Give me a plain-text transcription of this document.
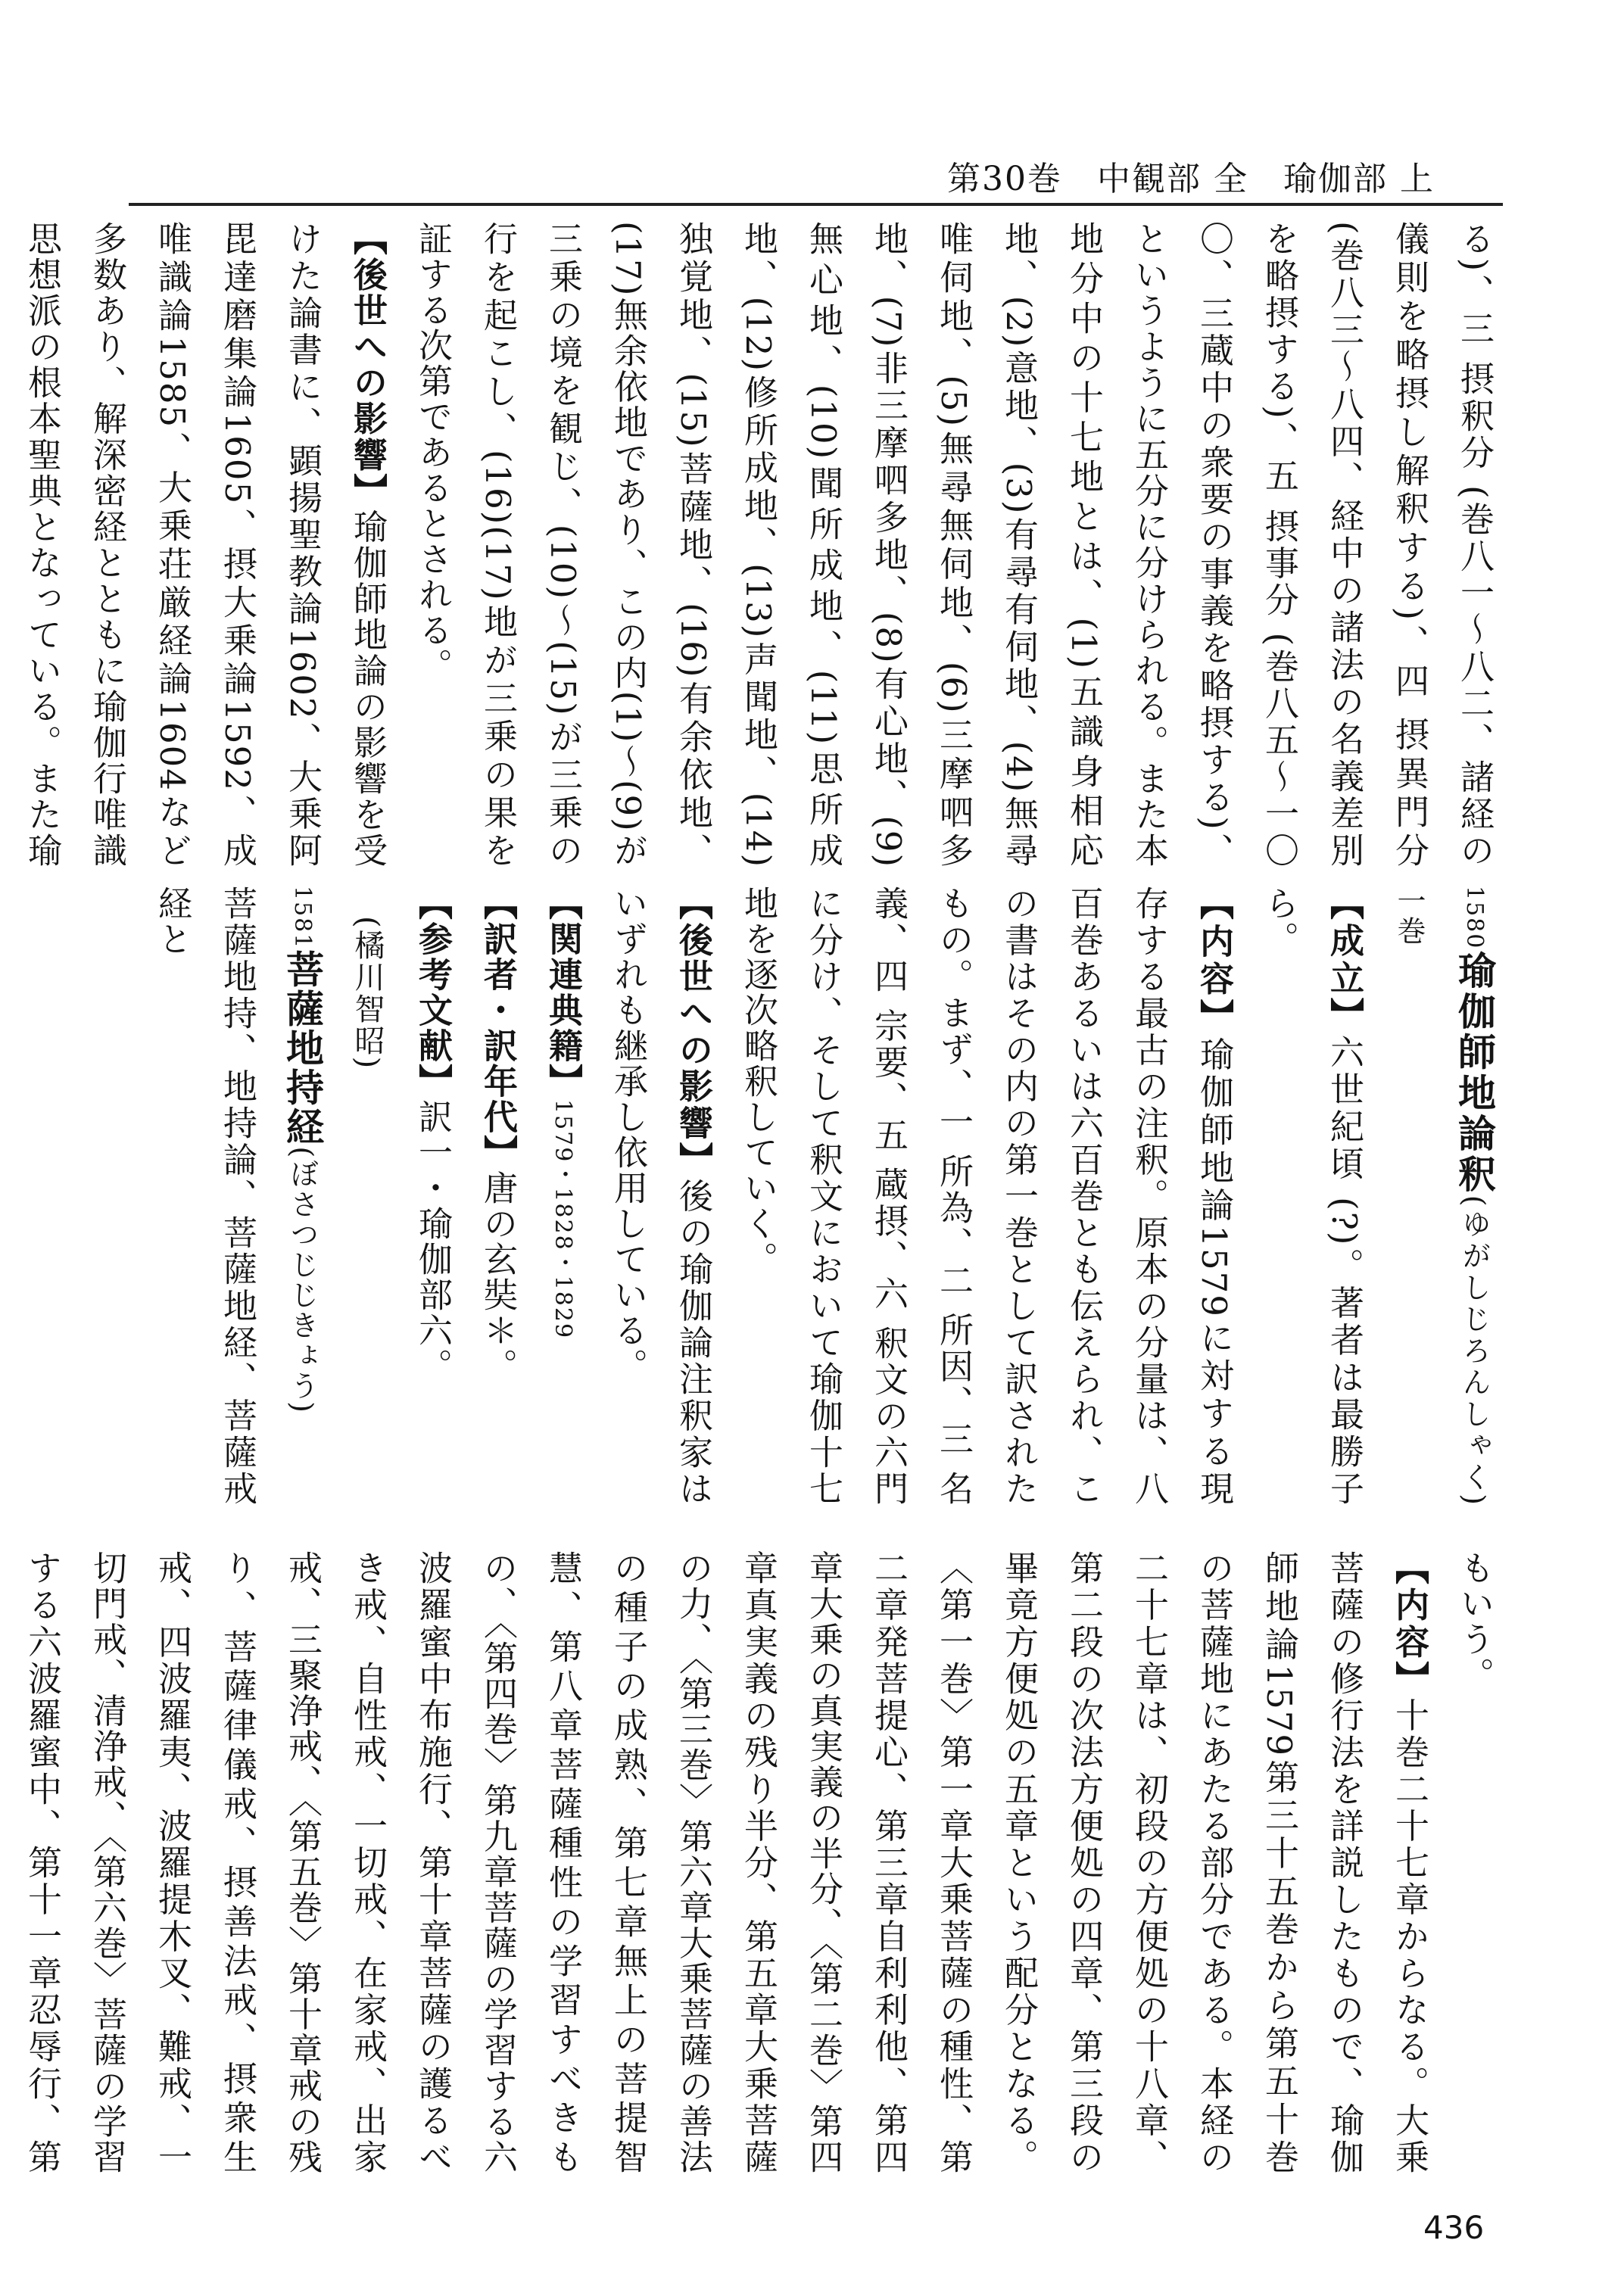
第30巻　中観部 全　瑜伽部 上

る)、三 摂釈分 (巻八一～八二、諸経の儀則を略摂し解釈する)、四 摂異門分 (巻八三～八四、経中の諸法の名義差別を略摂する)、五 摂事分 (巻八五～一〇〇、三蔵中の衆要の事義を略摂する)、というように五分に分けられる。また本地分中の十七地とは、(1)五識身相応地、(2)意地、(3)有尋有伺地、(4)無尋唯伺地、(5)無尋無伺地、(6)三摩呬多地、(7)非三摩呬多地、(8)有心地、(9)無心地、(10)聞所成地、(11)思所成地、(12)修所成地、(13)声聞地、(14)独覚地、(15)菩薩地、(16)有余依地、(17)無余依地であり、この内(1)～(9)が三乗の境を観じ、(10)～(15)が三乗の行を起こし、(16)(17)地が三乗の果を証する次第であるとされる。

【後世への影響】瑜伽師地論の影響を受けた論書に、顕揚聖教論1602、大乗阿毘達磨集論1605、摂大乗論1592、成唯識論1585、大乗荘厳経論1604など多数あり、解深密経とともに瑜伽行唯識思想派の根本聖典となっている。また瑜

1580瑜伽師地論釈(ゆがしじろんしゃく) 一巻

【成立】六世紀頃 (?)。著者は最勝子ら。

【内容】瑜伽師地論1579に対する現存する最古の注釈。原本の分量は、八百巻あるいは六百巻とも伝えられ、この書はその内の第一巻として訳されたもの。まず、一 所為、二 所因、三 名義、四 宗要、五 蔵摂、六 釈文の六門に分け、そして釈文において瑜伽十七地を逐次略釈していく。

【後世への影響】後の瑜伽論注釈家はいずれも継承し依用している。

【関連典籍】1579・1828・1829

【訳者・訳年代】唐の玄奘＊。

【参考文献】訳一・瑜伽部六。

(橘川智昭)

1581菩薩地持経(ぼさつじじきょう)

菩薩地持、地持論、菩薩地経、菩薩戒経と

もいう。

【内容】十巻二十七章からなる。大乗菩薩の修行法を詳説したもので、瑜伽師地論1579第三十五巻から第五十巻の菩薩地にあたる部分である。本経の二十七章は、初段の方便処の十八章、第二段の次法方便処の四章、第三段の畢竟方便処の五章という配分となる。〈第一巻〉第一章大乗菩薩の種性、第二章発菩提心、第三章自利利他、第四章大乗の真実義の半分、〈第二巻〉第四章真実義の残り半分、第五章大乗菩薩の力、〈第三巻〉第六章大乗菩薩の善法の種子の成熟、第七章無上の菩提智慧、第八章菩薩種性の学習すべきもの、〈第四巻〉第九章菩薩の学習する六波羅蜜中布施行、第十章菩薩の護るべき戒、自性戒、一切戒、在家戒、出家戒、三聚浄戒、〈第五巻〉第十章戒の残り、菩薩律儀戒、摂善法戒、摂衆生戒、四波羅夷、波羅提木叉、難戒、一切門戒、清浄戒、〈第六巻〉菩薩の学習する六波羅蜜中、第十一章忍辱行、第

436
